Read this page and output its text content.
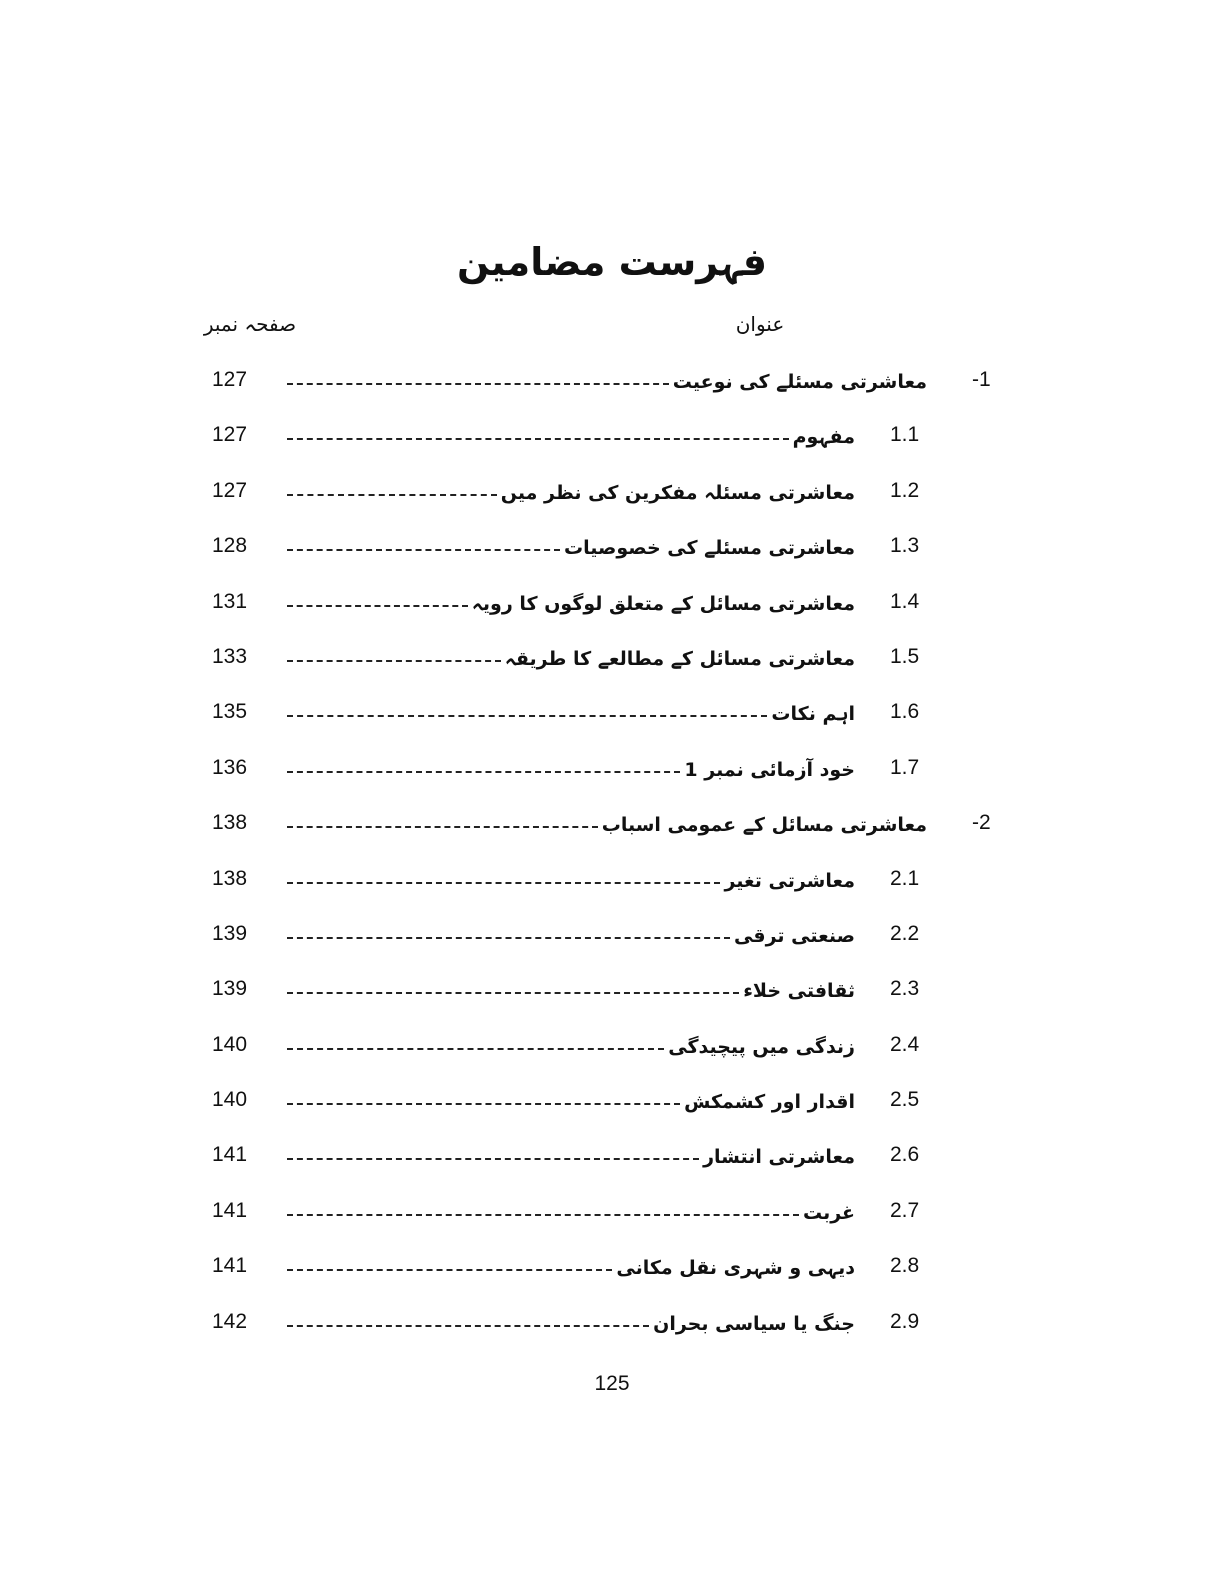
فہرست مضامین
عنوان
صفحہ نمبر
127	معاشرتی مسئلے کی نوعیت -1
127	مفہوم 1.1
127	معاشرتی مسئلہ مفکرین کی نظر میں 1.2
128	معاشرتی مسئلے کی خصوصیات 1.3
131	معاشرتی مسائل کے متعلق لوگوں کا رویہ 1.4
133	معاشرتی مسائل کے مطالعے کا طریقہ 1.5
135	اہم نکات 1.6
136	خود آزمائی نمبر 1 1.7
138	معاشرتی مسائل کے عمومی اسباب -2
138	معاشرتی تغیر 2.1
139	صنعتی ترقی 2.2
139	ثقافتی خلاء 2.3
140	زندگی میں پیچیدگی 2.4
140	اقدار اور کشمکش 2.5
141	معاشرتی انتشار 2.6
141	غربت 2.7
141	دیہی و شہری نقل مکانی 2.8
142	جنگ یا سیاسی بحران 2.9
125
